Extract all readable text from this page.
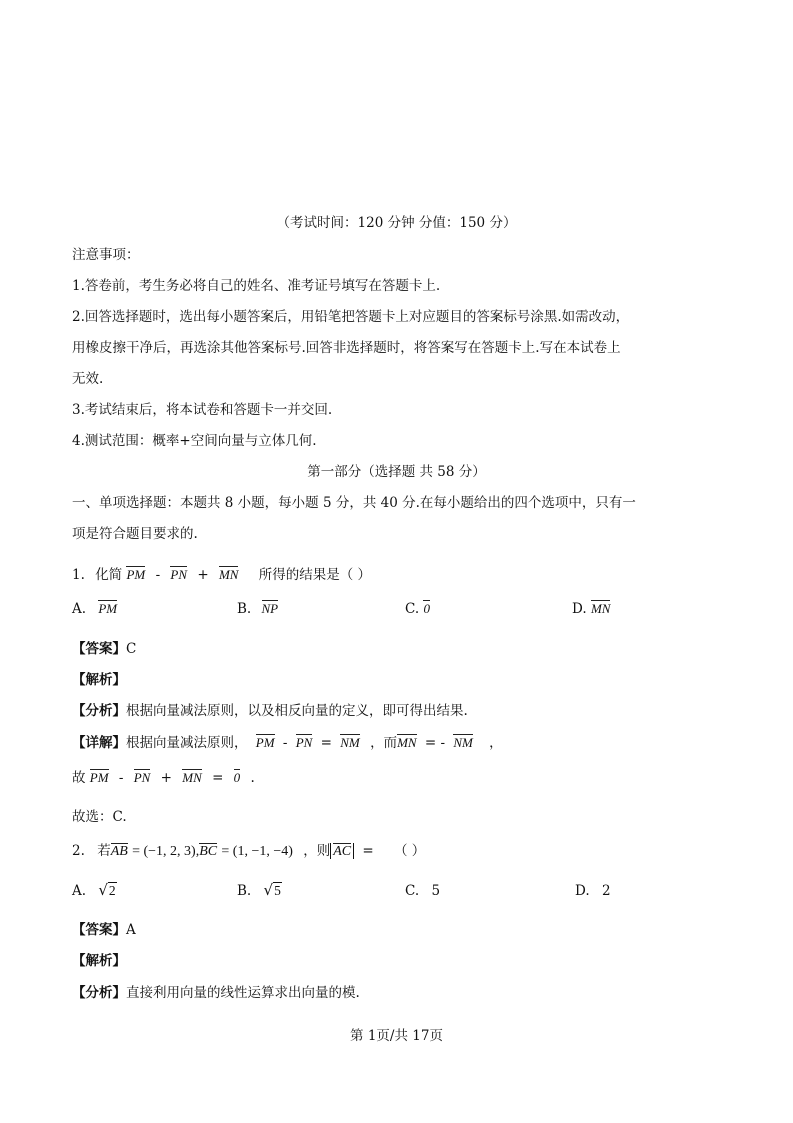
（考试时间：120 分钟 分值：150 分）
注意事项：
1.答卷前，考生务必将自己的姓名、准考证号填写在答题卡上.
2.回答选择题时，选出每小题答案后，用铅笔把答题卡上对应题目的答案标号涂黑.如需改动，
用橡皮擦干净后，再选涂其他答案标号.回答非选择题时，将答案写在答题卡上.写在本试卷上
无效.
3.考试结束后，将本试卷和答题卡一并交回.
4.测试范围：概率+空间向量与立体几何.
第一部分（选择题 共 58 分）
一、单项选择题：本题共 8 小题，每小题 5 分，共 40 分.在每小题给出的四个选项中，只有一
项是符合题目要求的.
1. 化简 PM - PN + MN 所得的结果是（ ）
A. PM	B. NP	C. 0	D. MN
【答案】C
【解析】
【分析】根据向量减法原则，以及相反向量的定义，即可得出结果.
【详解】根据向量减法原则， PM - PN = NM ，而MN = - NM ，
故 PM - PN + MN = 0 .
故选：C.
2. 若AB = (−1, 2, 3),BC = (1, −1, −4) ，则 AC = （ ）
A. √ 2	B. √ 5	C. 5	D. 2
【答案】A
【解析】
【分析】直接利用向量的线性运算求出向量的模.
第 1页/共 17页
